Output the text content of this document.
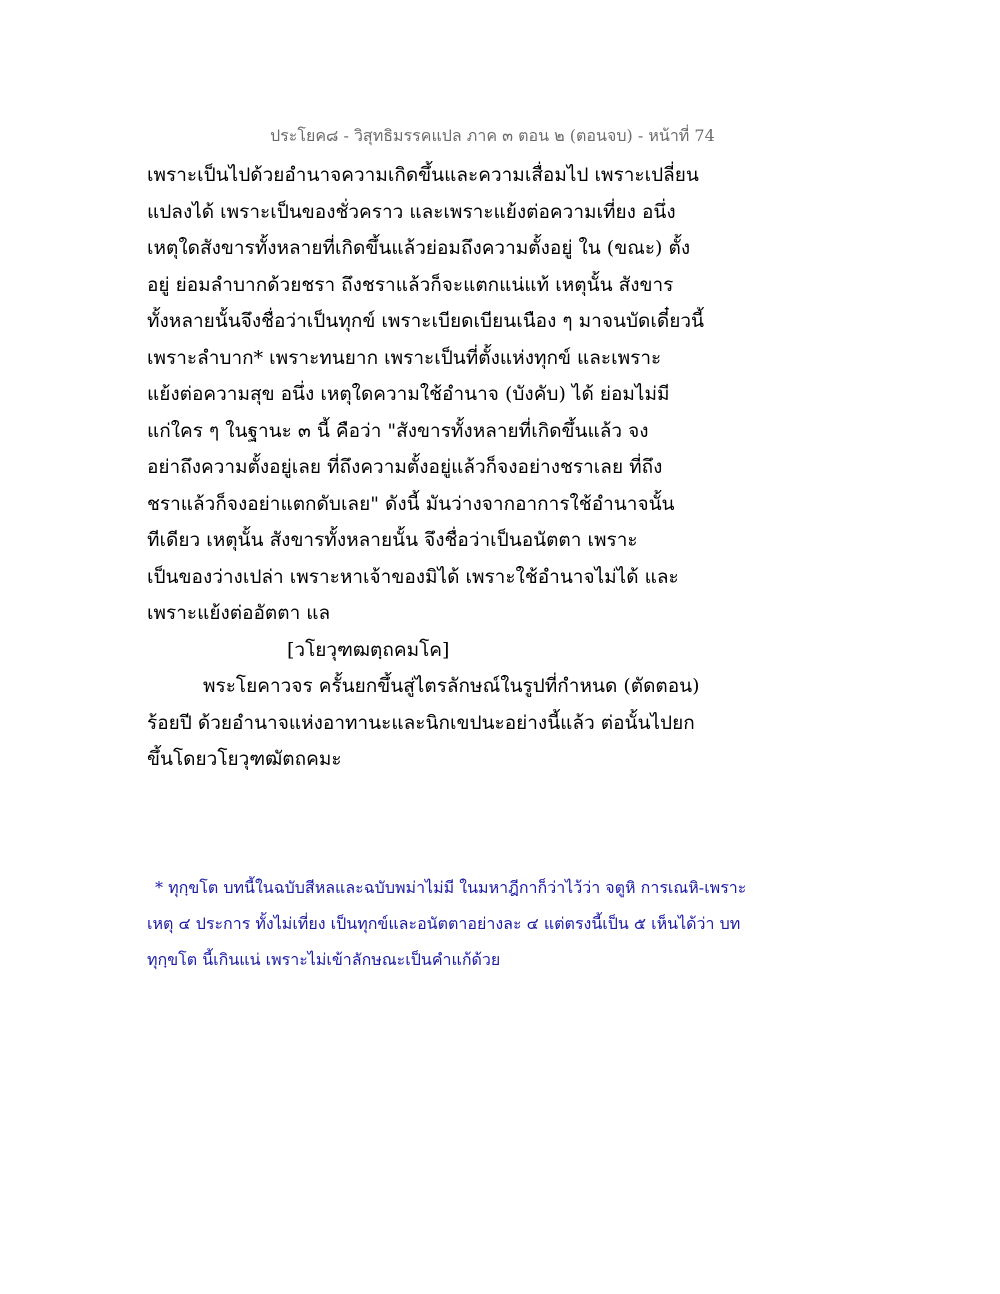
ประโยค๘ - วิสุทธิมรรคแปล ภาค ๓ ตอน ๒ (ตอนจบ) - หน้าที่ 74
เพราะเป็นไปด้วยอำนาจความเกิดขึ้นและความเสื่อมไป เพราะเปลี่ยน
แปลงได้ เพราะเป็นของชั่วคราว และเพราะแย้งต่อความเที่ยง อนึ่ง
เหตุใดสังขารทั้งหลายที่เกิดขึ้นแล้วย่อมถึงความตั้งอยู่ ใน (ขณะ) ตั้ง
อยู่ ย่อมลำบากด้วยชรา ถึงชราแล้วก็จะแตกแน่แท้ เหตุนั้น สังขาร
ทั้งหลายนั้นจึงชื่อว่าเป็นทุกข์ เพราะเบียดเบียนเนือง ๆ มาจนบัดเดี๋ยวนี้
เพราะลำบาก* เพราะทนยาก เพราะเป็นที่ตั้งแห่งทุกข์ และเพราะ
แย้งต่อความสุข อนึ่ง เหตุใดความใช้อำนาจ (บังคับ) ได้ ย่อมไม่มี
แก่ใคร ๆ ในฐานะ ๓ นี้ คือว่า "สังขารทั้งหลายที่เกิดขึ้นแล้ว จง
อย่าถึงความตั้งอยู่เลย ที่ถึงความตั้งอยู่แล้วก็จงอย่างชราเลย ที่ถึง
ชราแล้วก็จงอย่าแตกดับเลย" ดังนี้ มันว่างจากอาการใช้อำนาจนั้น
ทีเดียว เหตุนั้น สังขารทั้งหลายนั้น จึงชื่อว่าเป็นอนัตตา เพราะ
เป็นของว่างเปล่า เพราะหาเจ้าของมิได้ เพราะใช้อำนาจไม่ได้ และ
เพราะแย้งต่ออัตตา แล
[วโยวุฑฒตฺถคมโค]
พระโยคาวจร ครั้นยกขึ้นสู่ไตรลักษณ์ในรูปที่กำหนด (ตัดตอน)
ร้อยปี ด้วยอำนาจแห่งอาทานะและนิกเขปนะอย่างนี้แล้ว ต่อนั้นไปยก
ขึ้นโดยวโยวุฑฒัตถคมะ
* ทุกฺขโต บทนี้ในฉบับสีหลและฉบับพม่าไม่มี ในมหาฎีกาก็ว่าไว้ว่า จตูหิ การเณหิ-เพราะ
เหตุ ๔ ประการ ทั้งไม่เที่ยง เป็นทุกข์และอนัตตาอย่างละ ๔ แต่ตรงนี้เป็น ๕ เห็นได้ว่า บท
ทุกฺขโต นี้เกินแน่ เพราะไม่เข้าลักษณะเป็นคำแก้ด้วย
